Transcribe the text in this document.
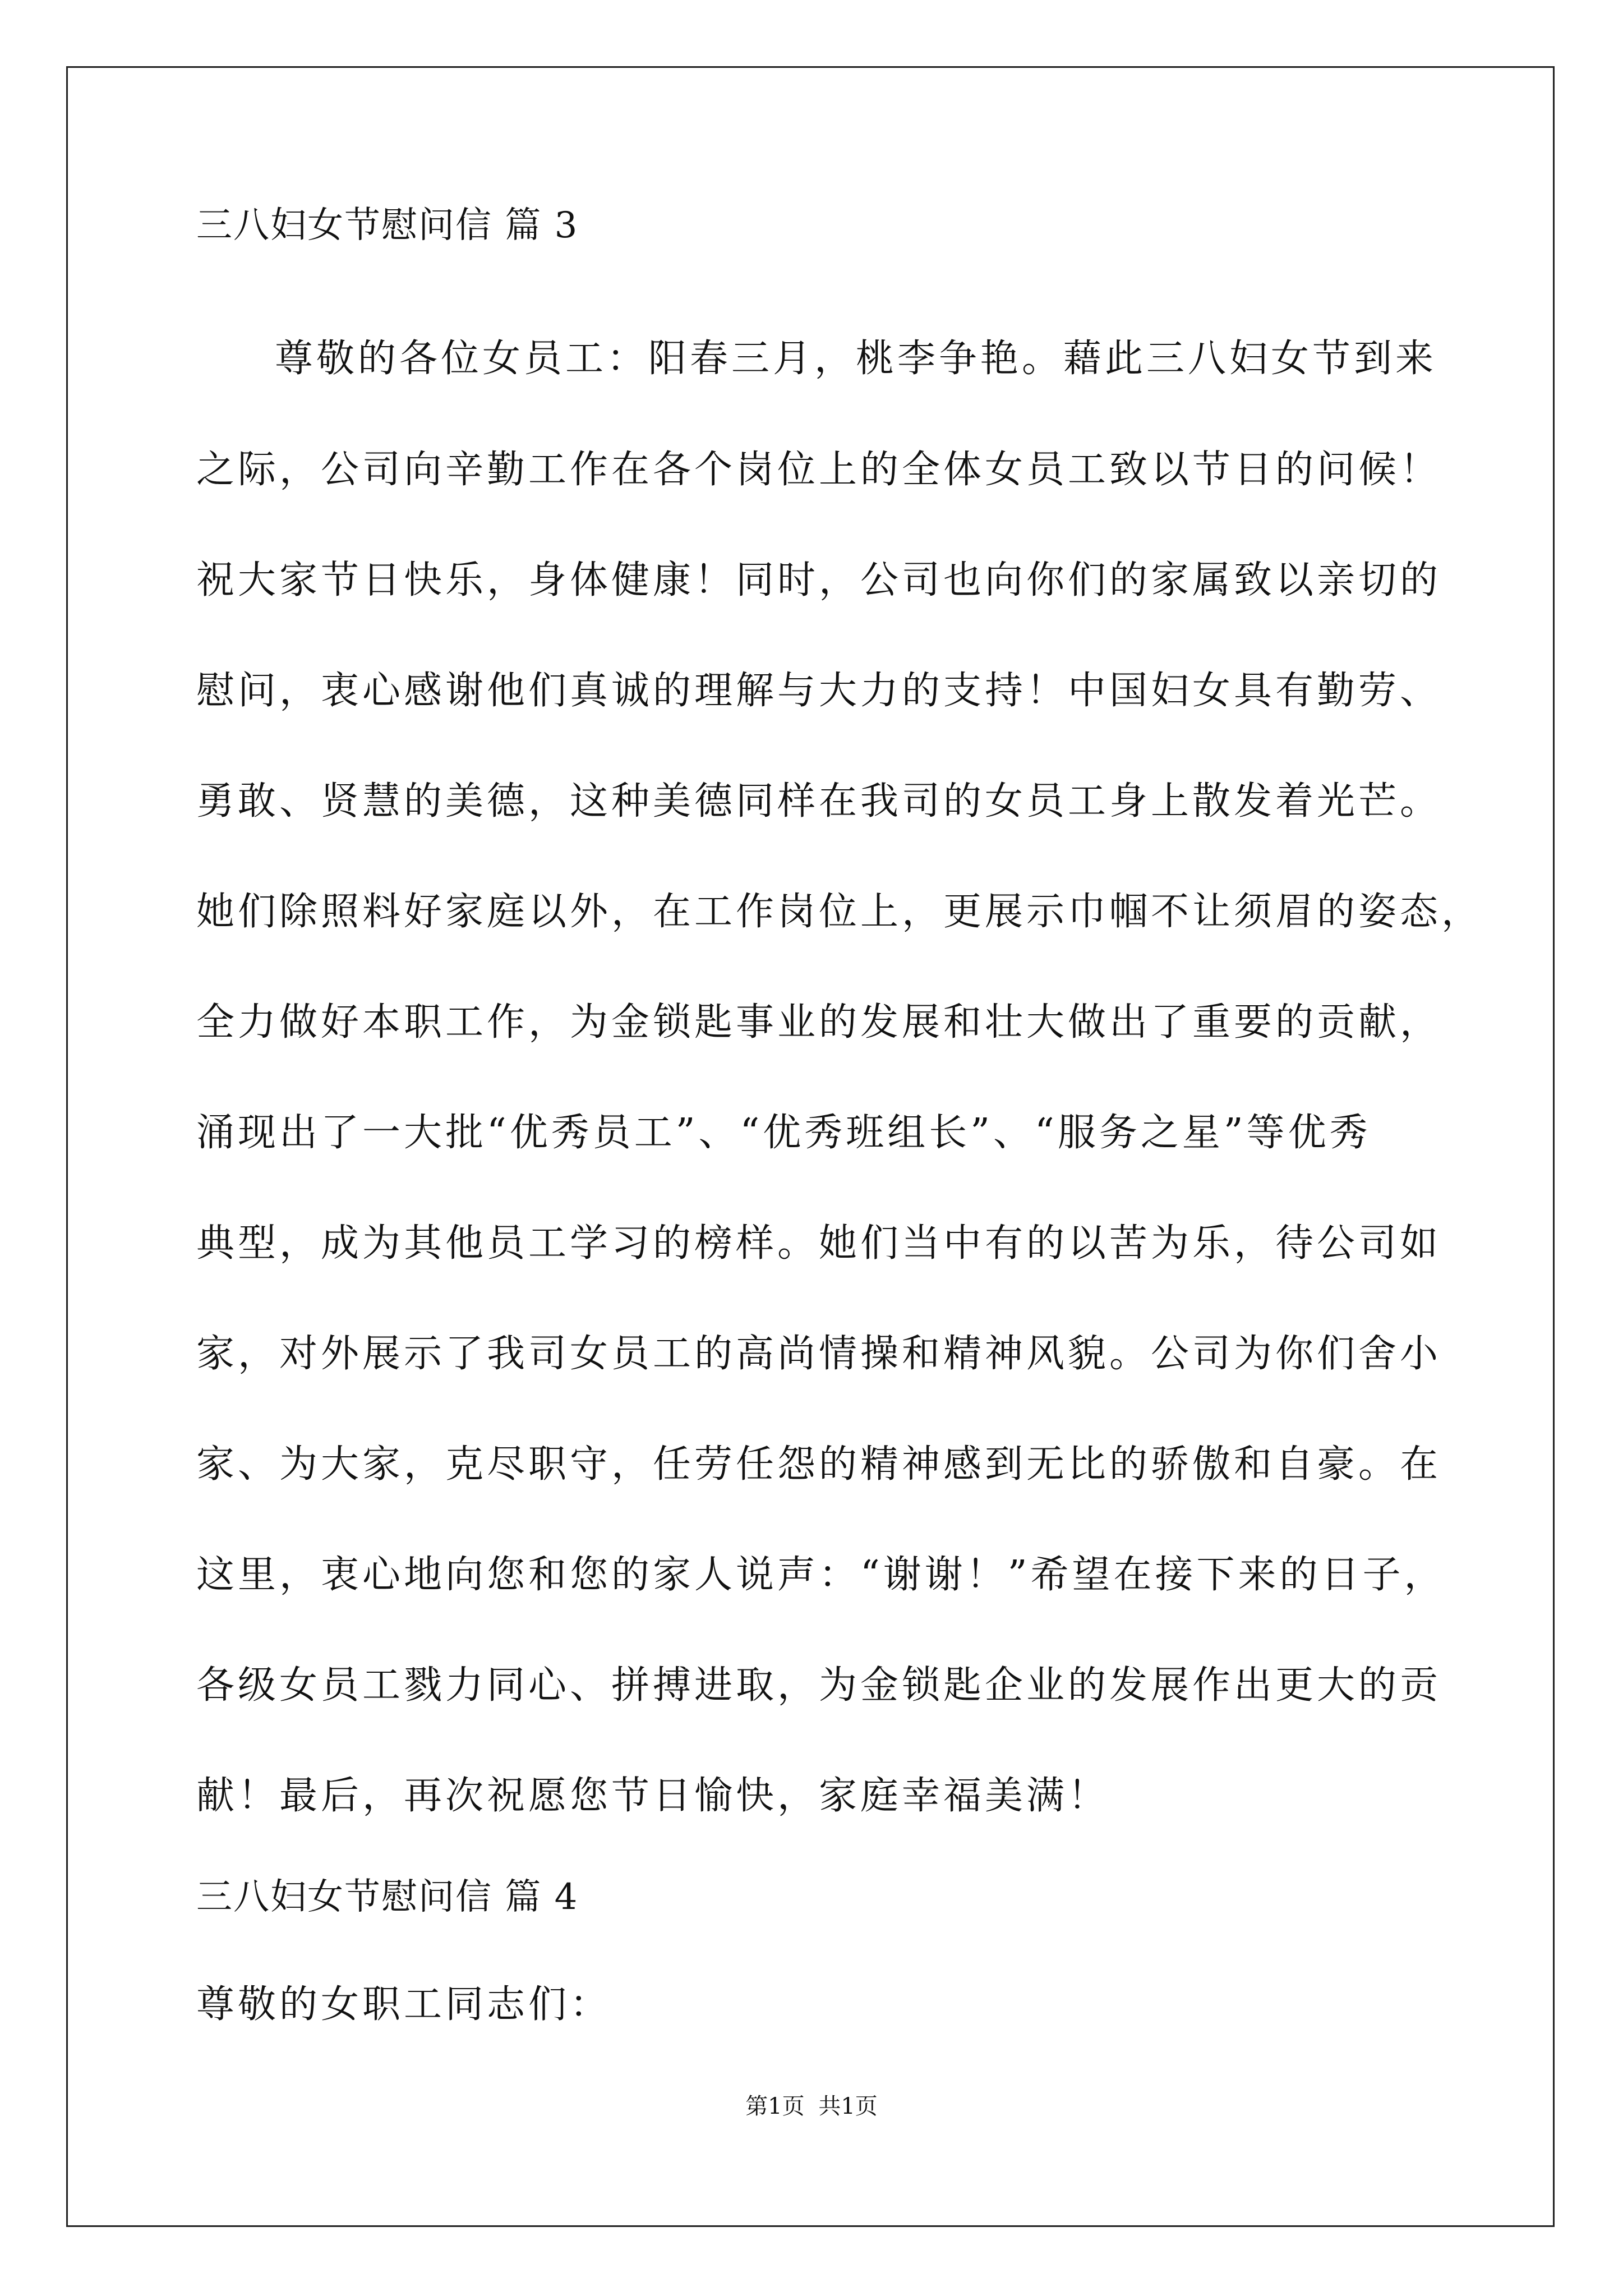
三八妇女节慰问信 篇 3
尊敬的各位女员工：阳春三月，桃李争艳。藉此三八妇女节到来
之际，公司向辛勤工作在各个岗位上的全体女员工致以节日的问候！
祝大家节日快乐，身体健康！同时，公司也向你们的家属致以亲切的
慰问，衷心感谢他们真诚的理解与大力的支持！中国妇女具有勤劳、
勇敢、贤慧的美德，这种美德同样在我司的女员工身上散发着光芒。
她们除照料好家庭以外，在工作岗位上，更展示巾帼不让须眉的姿态，
全力做好本职工作，为金锁匙事业的发展和壮大做出了重要的贡献，
涌现出了一大批“优秀员工”、“优秀班组长”、“服务之星”等优秀
典型，成为其他员工学习的榜样。她们当中有的以苦为乐，待公司如
家，对外展示了我司女员工的高尚情操和精神风貌。公司为你们舍小
家、为大家，克尽职守，任劳任怨的精神感到无比的骄傲和自豪。在
这里，衷心地向您和您的家人说声：“谢谢！”希望在接下来的日子，
各级女员工戮力同心、拼搏进取，为金锁匙企业的发展作出更大的贡
献！最后，再次祝愿您节日愉快，家庭幸福美满！
三八妇女节慰问信 篇 4
尊敬的女职工同志们：
第1页 共1页
